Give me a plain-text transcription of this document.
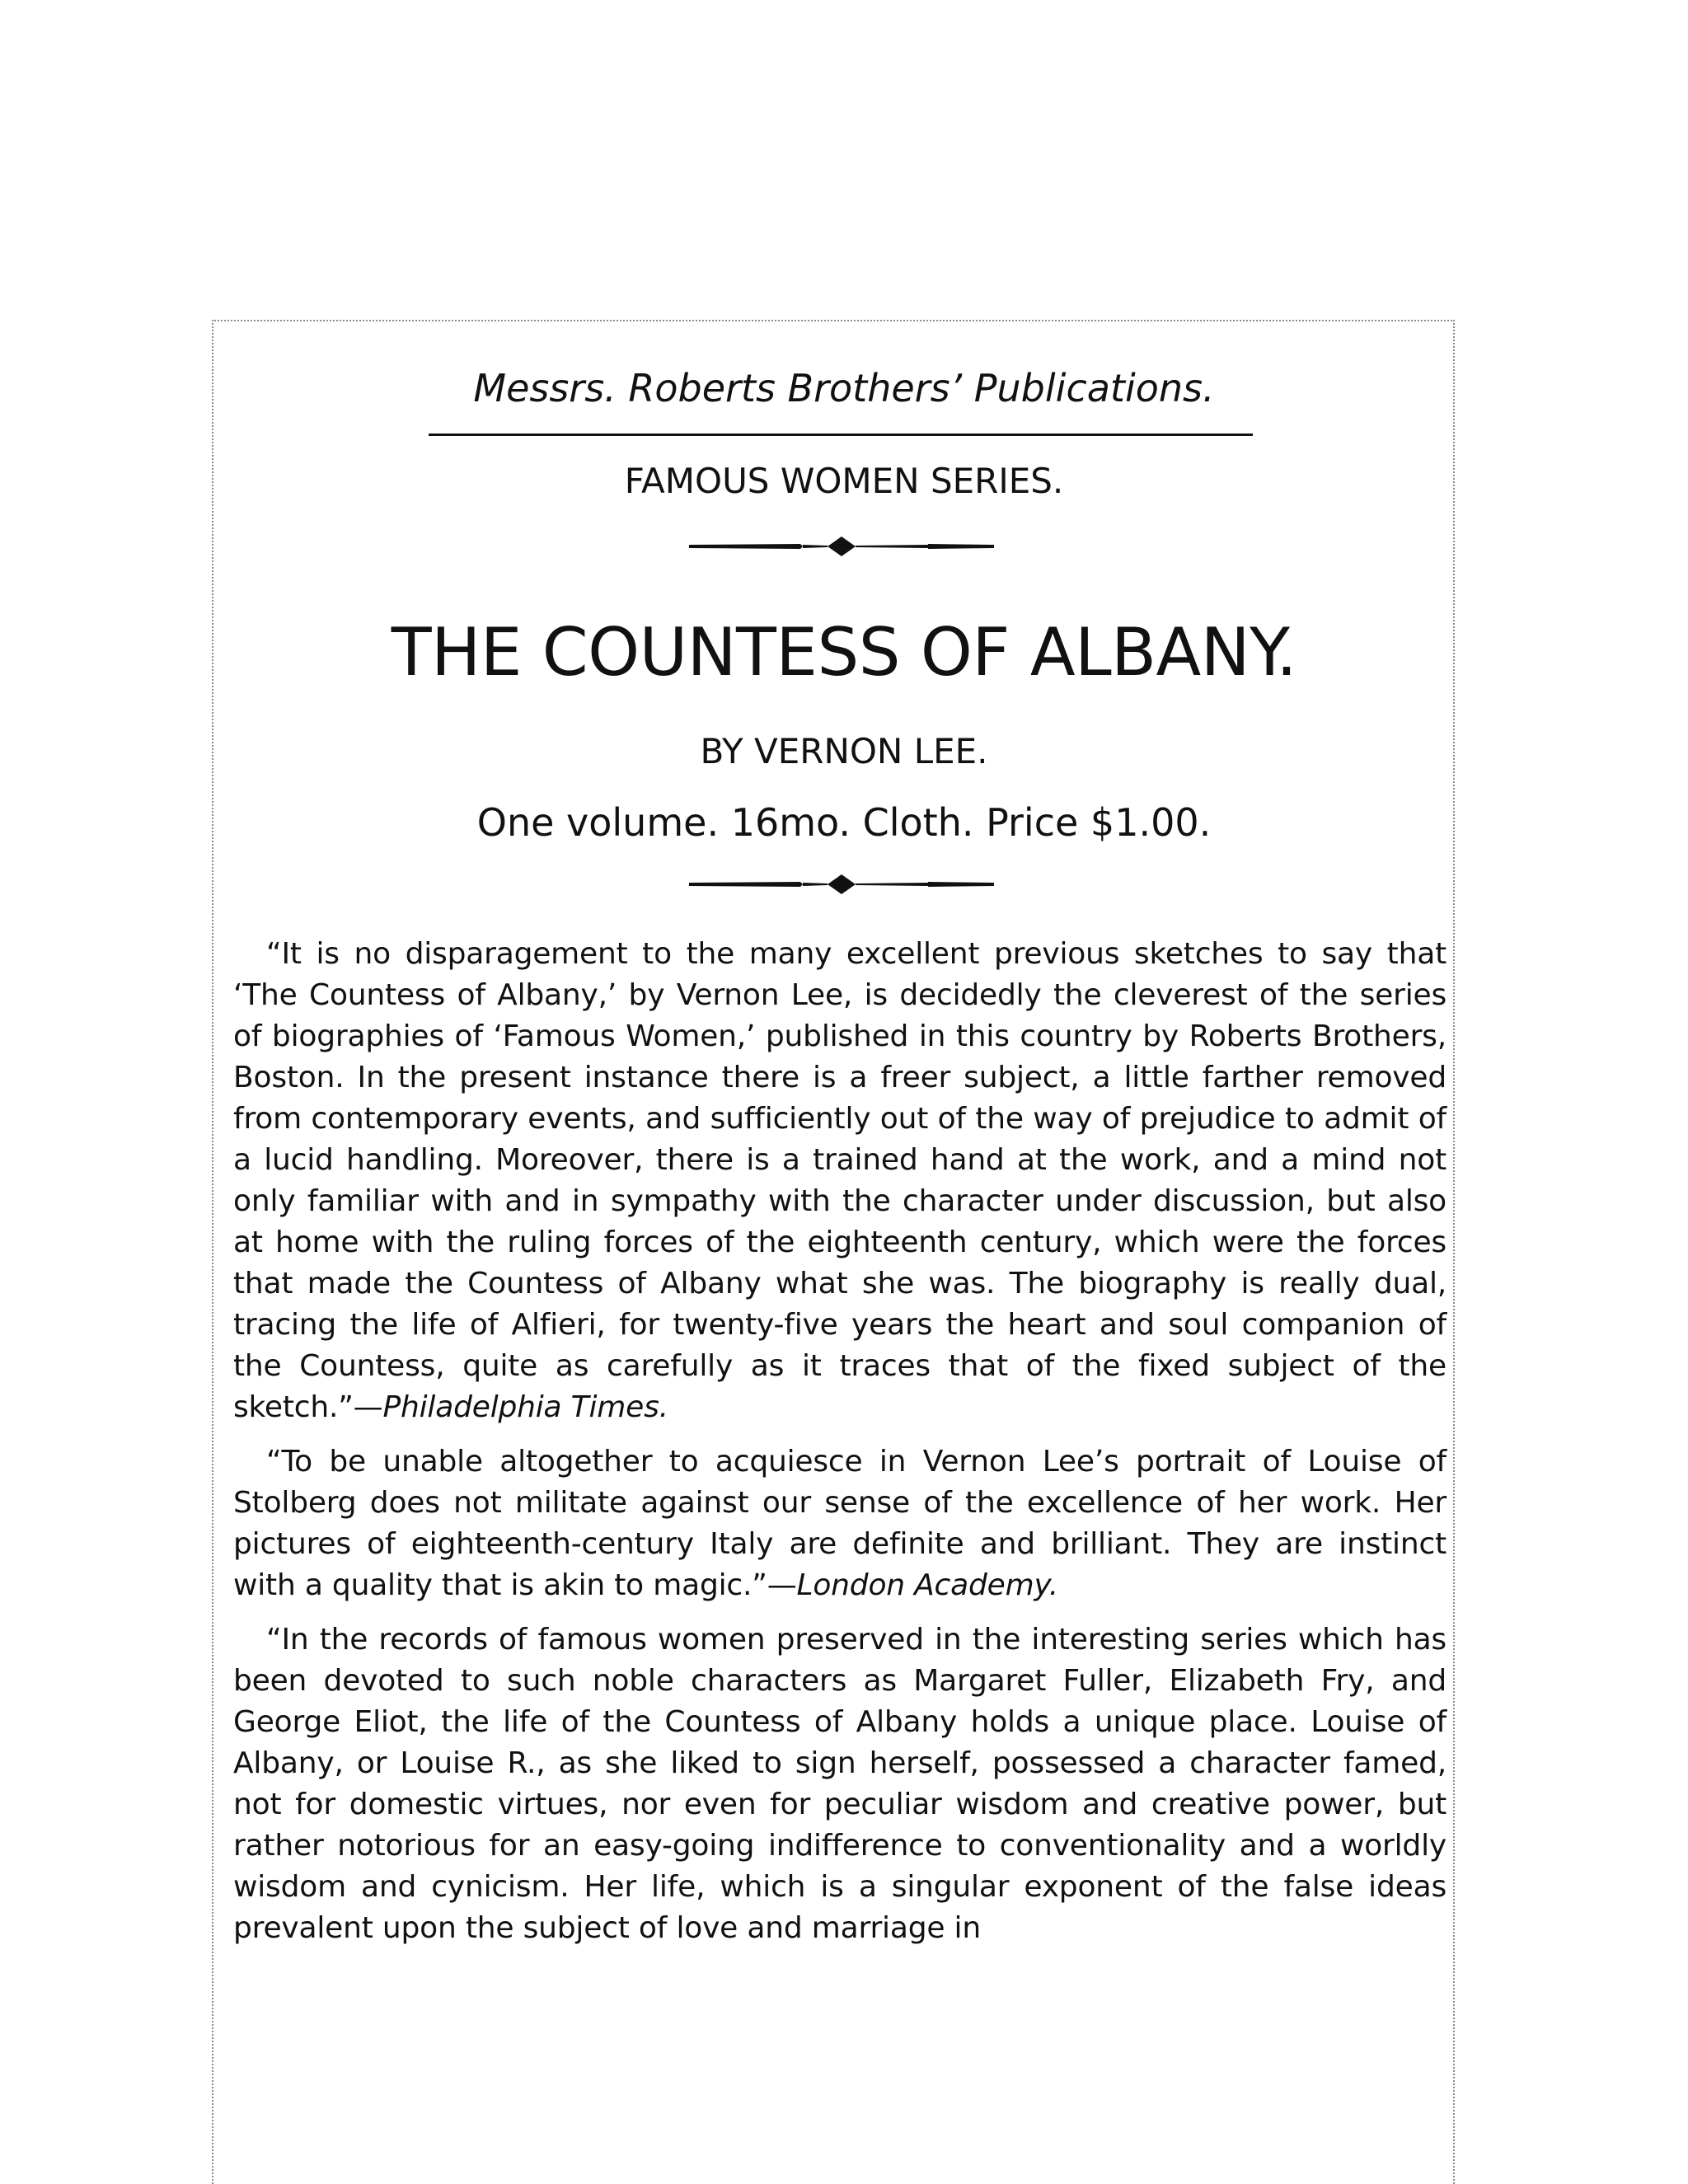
Messrs. Roberts Brothers’ Publications.
FAMOUS WOMEN SERIES.
THE COUNTESS OF ALBANY.
BY VERNON LEE.
One volume. 16mo. Cloth. Price $1.00.

“It is no disparagement to the many excellent previous sketches to say that ‘The Countess of Albany,’ by Vernon Lee, is decidedly the cleverest of the series of biographies of ‘Famous Women,’ published in this country by Roberts Brothers, Boston. In the present instance there is a freer subject, a little farther removed from contemporary events, and sufficiently out of the way of prejudice to admit of a lucid handling. Moreover, there is a trained hand at the work, and a mind not only familiar with and in sympathy with the character under discussion, but also at home with the ruling forces of the eighteenth century, which were the forces that made the Countess of Albany what she was. The biography is really dual, tracing the life of Alfieri, for twenty-five years the heart and soul companion of the Countess, quite as carefully as it traces that of the fixed subject of the sketch.”—Philadelphia Times.

“To be unable altogether to acquiesce in Vernon Lee’s portrait of Louise of Stolberg does not militate against our sense of the excellence of her work. Her pictures of eighteenth-century Italy are definite and brilliant. They are instinct with a quality that is akin to magic.”—London Academy.

“In the records of famous women preserved in the interesting series which has been devoted to such noble characters as Margaret Fuller, Elizabeth Fry, and George Eliot, the life of the Countess of Albany holds a unique place. Louise of Albany, or Louise R., as she liked to sign herself, possessed a character famed, not for domestic virtues, nor even for peculiar wisdom and creative power, but rather notorious for an easy-going indifference to conventionality and a worldly wisdom and cynicism. Her life, which is a singular exponent of the false ideas prevalent upon the subject of love and marriage in
